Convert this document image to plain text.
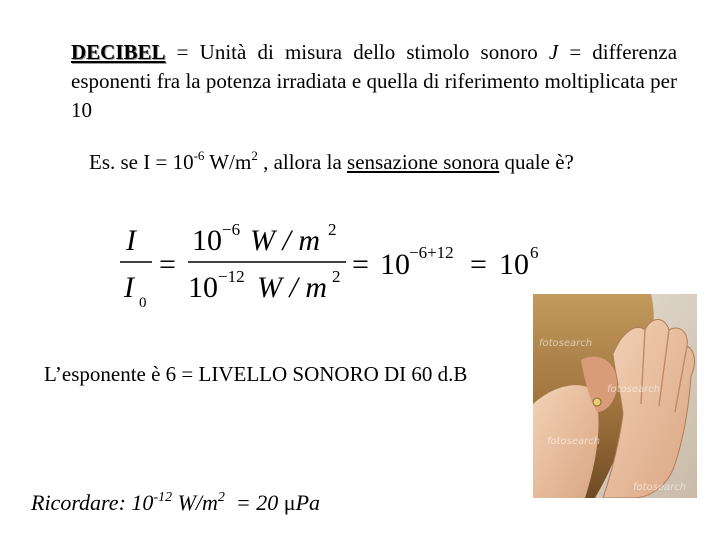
DECIBEL = Unità di misura dello stimolo sonoro J = differenza esponenti fra la potenza irradiata e quella di riferimento moltiplicata per 10
Es. se $I = 10^{-6}$ $W/m^2$ , allora la sensazione sonora quale è?
I
I 0
=
10 −6 W / m 2
10 −12 W / m 2 = 10 −6+12 = 10 6
L’esponente è 6 = LIVELLO SONORO DI 60 d.B
Ricordare: $10^{-12}$ $W/m^2 = 20$ μPa
fotosearch
fotosearch
fotosearch
fotosearch
